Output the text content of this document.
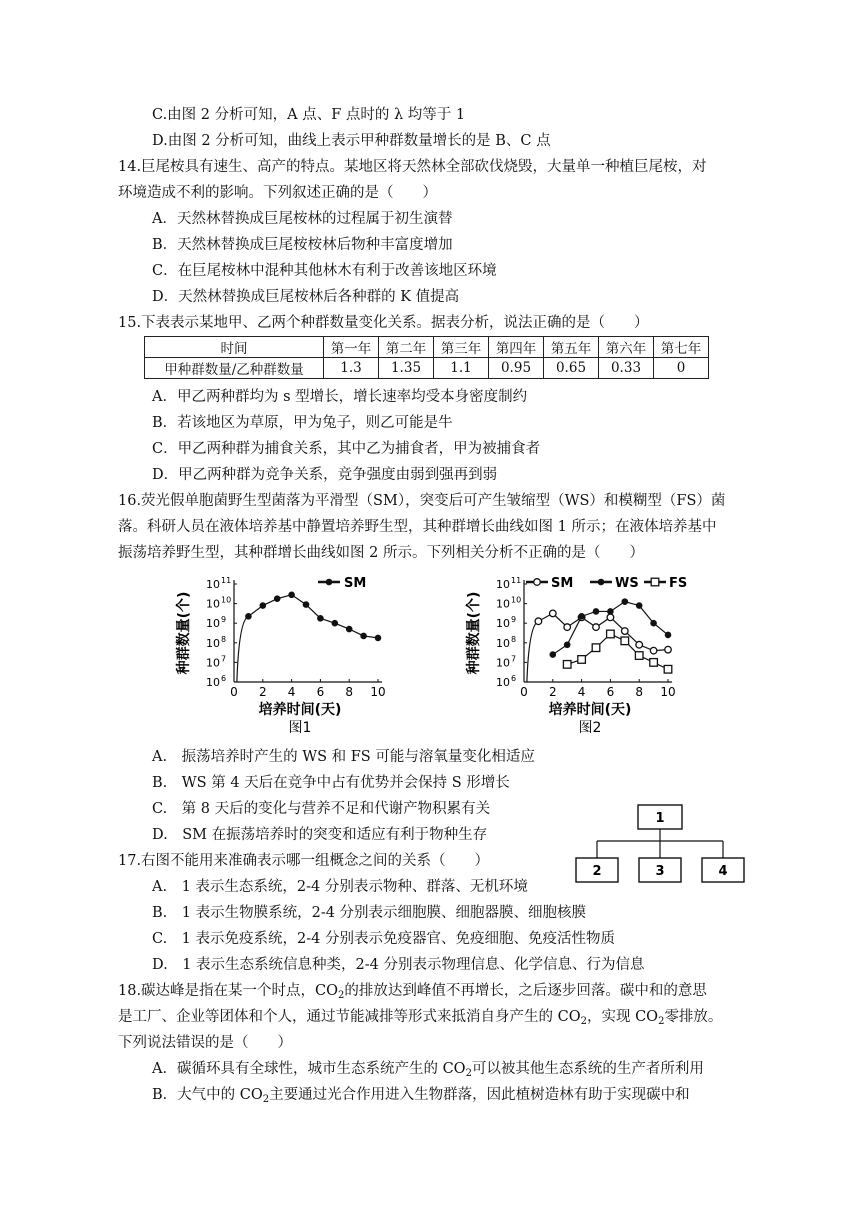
C.由图 2 分析可知，A 点、F 点时的 λ 均等于 1
D.由图 2 分析可知，曲线上表示甲种群数量增长的是 B、C 点
14.巨尾桉具有速生、高产的特点。某地区将天然林全部砍伐烧毁，大量单一种植巨尾桉，对
环境造成不利的影响。下列叙述正确的是（　　）
A．天然林替换成巨尾桉林的过程属于初生演替
B．天然林替换成巨尾桉桉林后物种丰富度增加
C．在巨尾桉林中混种其他林木有利于改善该地区环境
D．天然林替换成巨尾桉林后各种群的 K 值提高
15.下表表示某地甲、乙两个种群数量变化关系。据表分析，说法正确的是（　　）
时间	第一年	第二年	第三年	第四年	第五年	第六年	第七年
甲种群数量/乙种群数量	1.3	1.35	1.1	0.95	0.65	0.33	0
A．甲乙两种群均为 s 型增长，增长速率均受本身密度制约
B．若该地区为草原，甲为兔子，则乙可能是牛
C．甲乙两种群为捕食关系，其中乙为捕食者，甲为被捕食者
D．甲乙两种群为竞争关系，竞争强度由弱到强再到弱
16.荧光假单胞菌野生型菌落为平滑型（SM），突变后可产生皱缩型（WS）和模糊型（FS）菌
落。科研人员在液体培养基中静置培养野生型，其种群增长曲线如图 1 所示；在液体培养基中
振荡培养野生型，其种群增长曲线如图 2 所示。下列相关分析不正确的是（　　）
10 6
10 7
10 8
10 9
10 10
10 11
0 2 4 6 8 10
培养时间(天)
种群数量(个)
图1
SM
10 6
10 7
10 8
10 9
10 10
10 11
0 2 4 6 8 10
培养时间(天)
种群数量(个)
图2
SM	WS FS
A.　振荡培养时产生的 WS 和 FS 可能与溶氧量变化相适应
B.　WS 第 4 天后在竞争中占有优势并会保持 S 形增长
C.　第 8 天后的变化与营养不足和代谢产物积累有关
D.　SM 在振荡培养时的突变和适应有利于物种生存
1
2	3	4
17.右图不能用来准确表示哪一组概念之间的关系（　　）
A.　1 表示生态系统，2-4 分别表示物种、群落、无机环境
B.　1 表示生物膜系统，2-4 分别表示细胞膜、细胞器膜、细胞核膜
C.　1 表示免疫系统，2-4 分别表示免疫器官、免疫细胞、免疫活性物质
D.　1 表示生态系统信息种类，2-4 分别表示物理信息、化学信息、行为信息
18.碳达峰是指在某一个时点，$CO_2$的排放达到峰值不再增长，之后逐步回落。碳中和的意思
是工厂、企业等团体和个人，通过节能减排等形式来抵消自身产生的 $CO_2$，实现 $CO_2$零排放。
下列说法错误的是（　　）
A．碳循环具有全球性，城市生态系统产生的 $CO_2$可以被其他生态系统的生产者所利用
B．大气中的 $CO_2$主要通过光合作用进入生物群落，因此植树造林有助于实现碳中和
